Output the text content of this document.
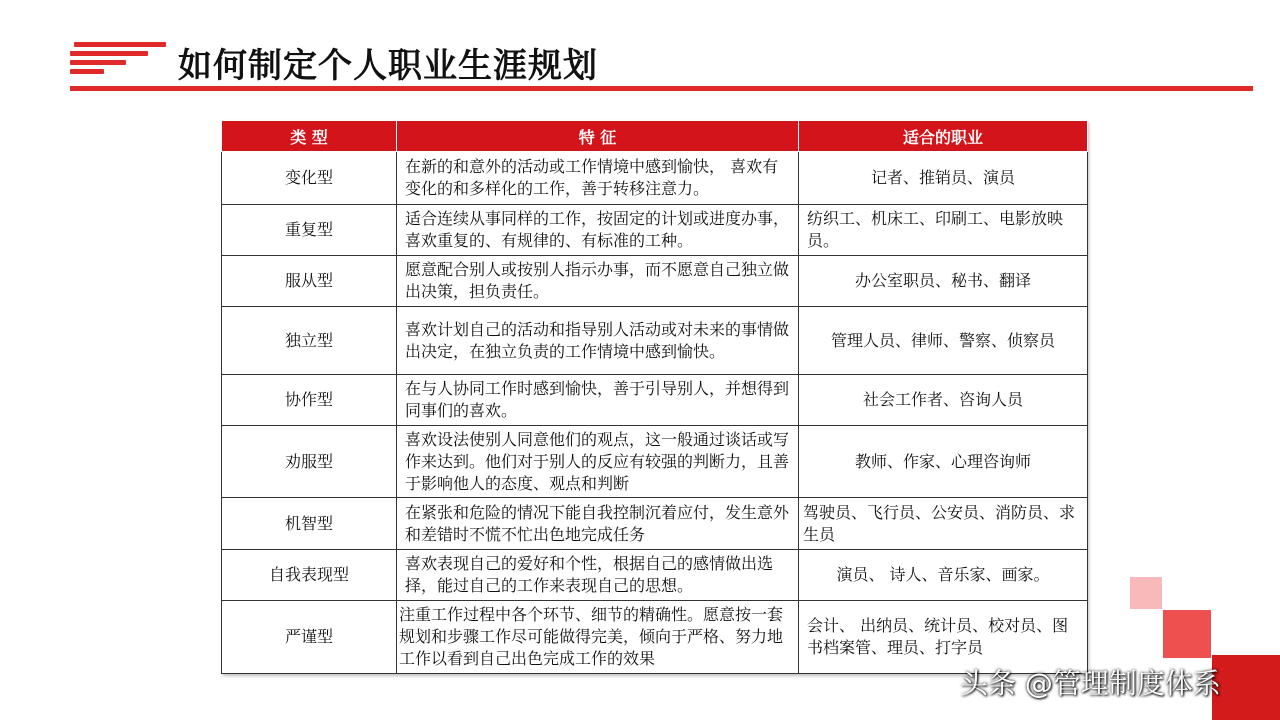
如何制定个人职业生涯规划
类 型	特 征	适合的职业
变化型	在新的和意外的活动或工作情境中感到愉快， 喜欢有变化的和多样化的工作，善于转移注意力。	记者、推销员、演员
重复型	适合连续从事同样的工作，按固定的计划或进度办事，喜欢重复的、有规律的、有标准的工种。	纺织工、机床工、印刷工、电影放映员。
服从型	愿意配合别人或按别人指示办事，而不愿意自己独立做出决策，担负责任。	办公室职员、秘书、翻译
独立型	喜欢计划自己的活动和指导别人活动或对未来的事情做出决定，在独立负责的工作情境中感到愉快。	管理人员、律师、警察、侦察员
协作型	在与人协同工作时感到愉快，善于引导别人，并想得到同事们的喜欢。	社会工作者、咨询人员
劝服型	喜欢设法使别人同意他们的观点，这一般通过谈话或写作来达到。他们对于别人的反应有较强的判断力，且善于影响他人的态度、观点和判断	教师、作家、心理咨询师
机智型	在紧张和危险的情况下能自我控制沉着应付，发生意外和差错时不慌不忙出色地完成任务	驾驶员、飞行员、公安员、消防员、求生员
自我表现型	喜欢表现自己的爱好和个性，根据自己的感情做出选择，能过自己的工作来表现自己的思想。	演员、 诗人、音乐家、画家。
严谨型	注重工作过程中各个环节、细节的精确性。愿意按一套规划和步骤工作尽可能做得完美，倾向于严格、努力地工作以看到自己出色完成工作的效果	会计、 出纳员、统计员、校对员、图书档案管、理员、打字员
头条 @管理制度体系
